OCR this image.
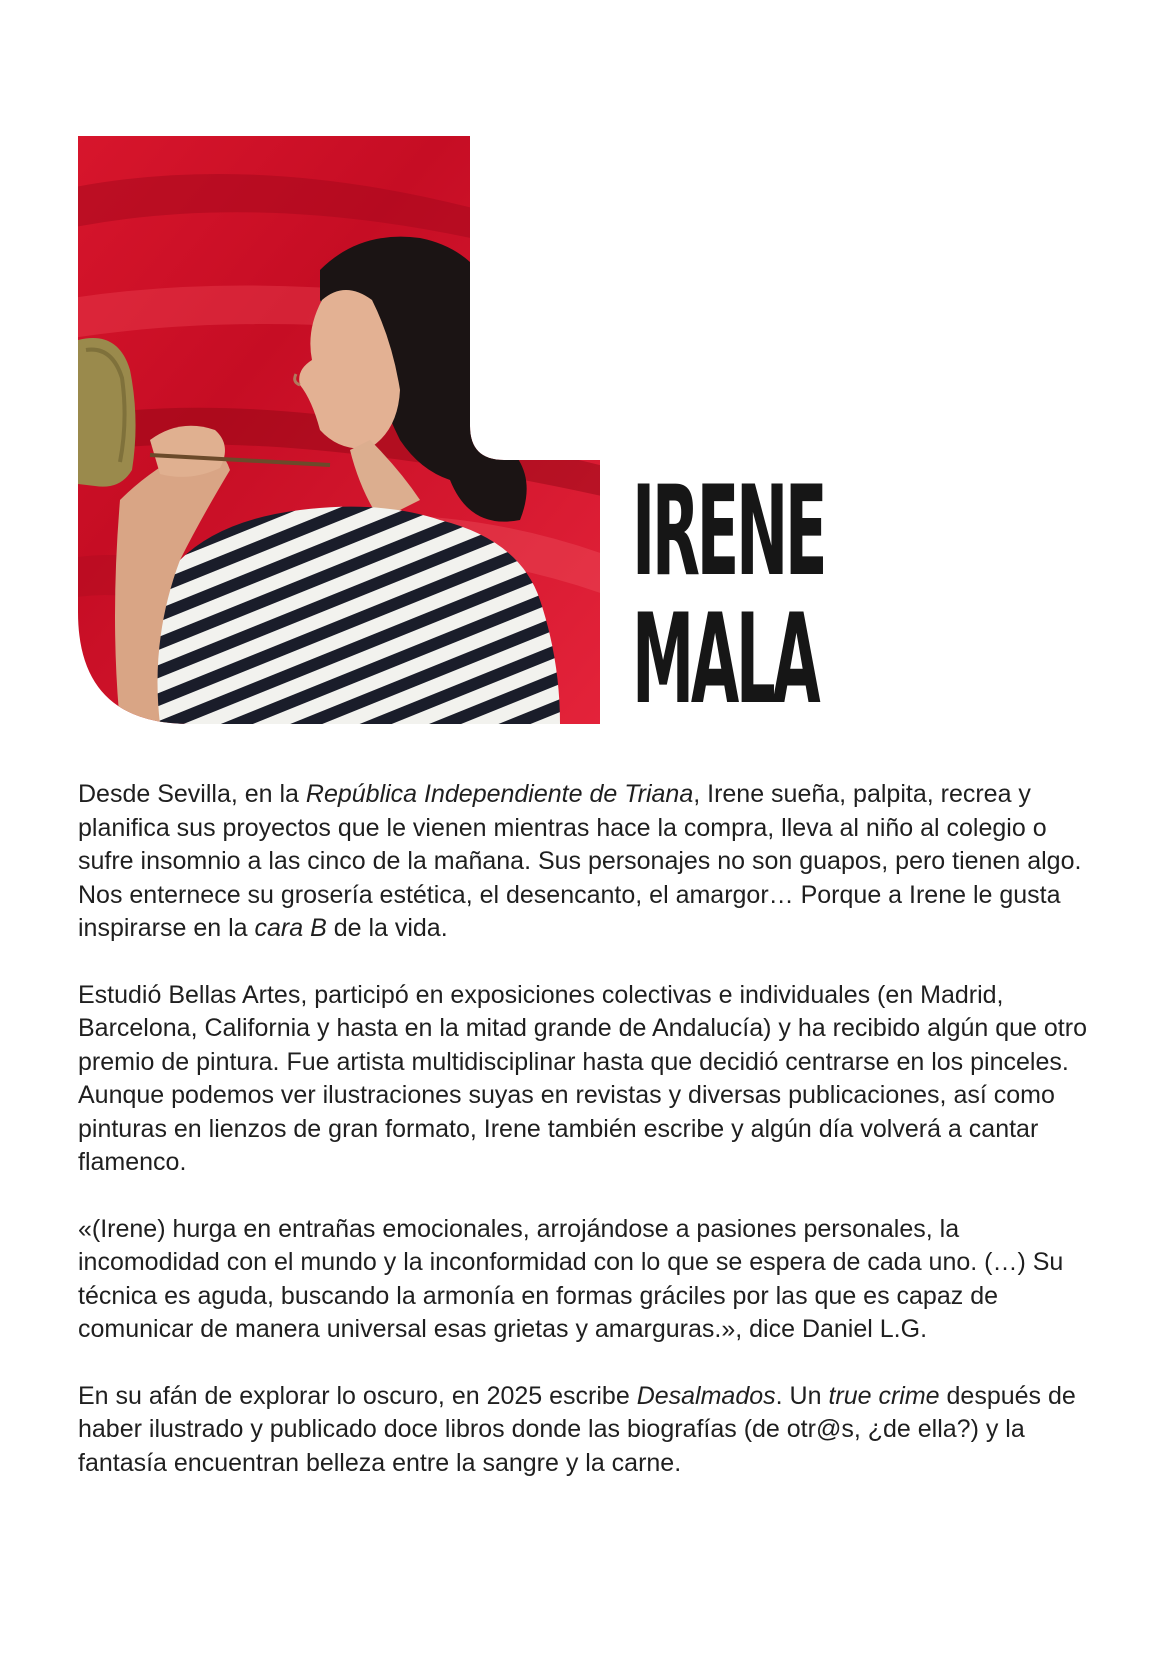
IRENE
MALA

Desde Sevilla, en la República Independiente de Triana, Irene sueña, palpita, recrea y planifica sus proyectos que le vienen mientras hace la compra, lleva al niño al colegio o sufre insomnio a las cinco de la mañana. Sus personajes no son guapos, pero tienen algo. Nos enternece su grosería estética, el desencanto, el amargor… Porque a Irene le gusta inspirarse en la cara B de la vida.

Estudió Bellas Artes, participó en exposiciones colectivas e individuales (en Madrid, Barcelona, California y hasta en la mitad grande de Andalucía) y ha recibido algún que otro premio de pintura. Fue artista multidisciplinar hasta que decidió centrarse en los pinceles. Aunque podemos ver ilustraciones suyas en revistas y diversas publicaciones, así como pinturas en lienzos de gran formato, Irene también escribe y algún día volverá a cantar flamenco.

«(Irene) hurga en entrañas emocionales, arrojándose a pasiones personales, la incomodidad con el mundo y la inconformidad con lo que se espera de cada uno. (…) Su técnica es aguda, buscando la armonía en formas gráciles por las que es capaz de comunicar de manera universal esas grietas y amarguras.», dice Daniel L.G.

En su afán de explorar lo oscuro, en 2025 escribe Desalmados. Un true crime después de haber ilustrado y publicado doce libros donde las biografías (de otr@s, ¿de ella?) y la fantasía encuentran belleza entre la sangre y la carne.
